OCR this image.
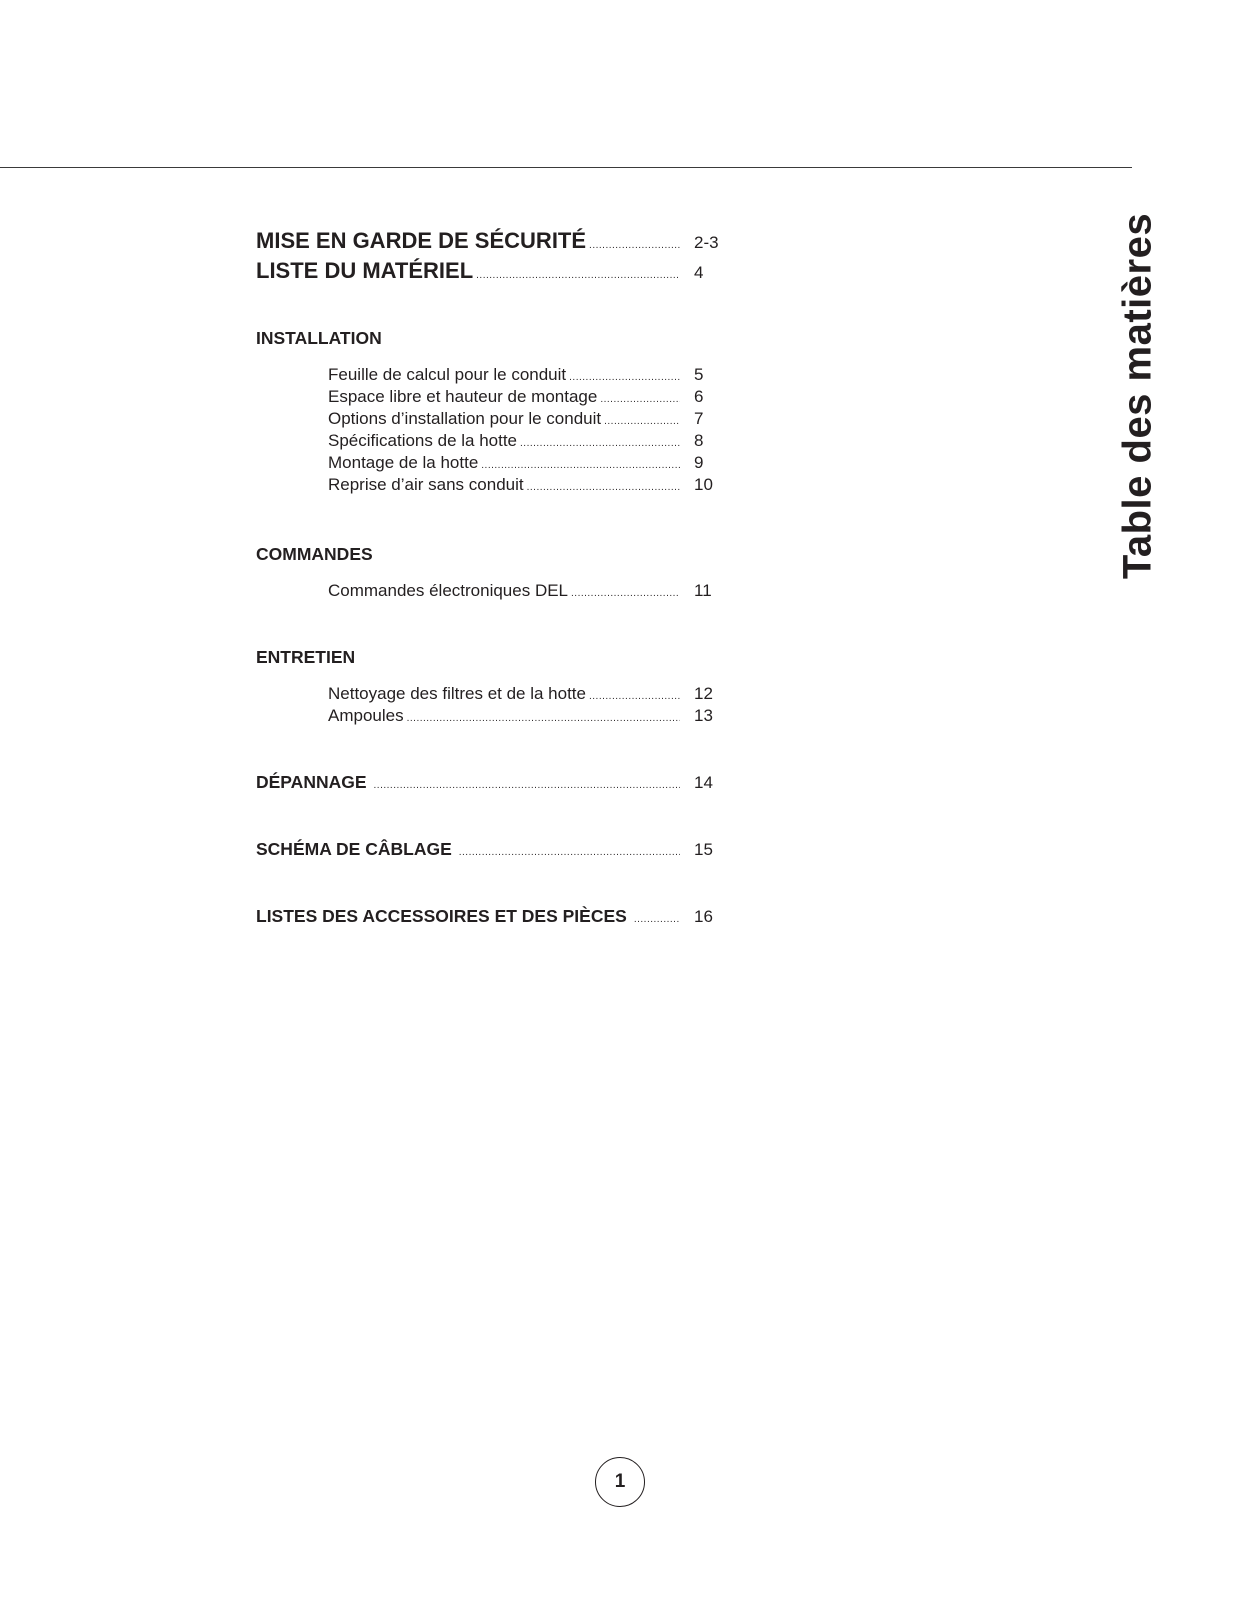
Table des matières
MISE EN GARDE DE SÉCURITÉ .....	2-3
LISTE DU MATÉRIEL .....	4
INSTALLATION
Feuille de calcul pour le conduit .....	5
Espace libre et hauteur de montage .....	6
Options d’installation pour le conduit .....	7
Spécifications de la hotte .....	8
Montage de la hotte .....	9
Reprise d’air sans conduit .....	10
COMMANDES
Commandes électroniques DEL .....	11
ENTRETIEN
Nettoyage des filtres et de la hotte .....	12
Ampoules .....	13
DÉPANNAGE .....	14
SCHÉMA DE CÂBLAGE .....	15
LISTES DES ACCESSOIRES ET DES PIÈCES .....	16
1
